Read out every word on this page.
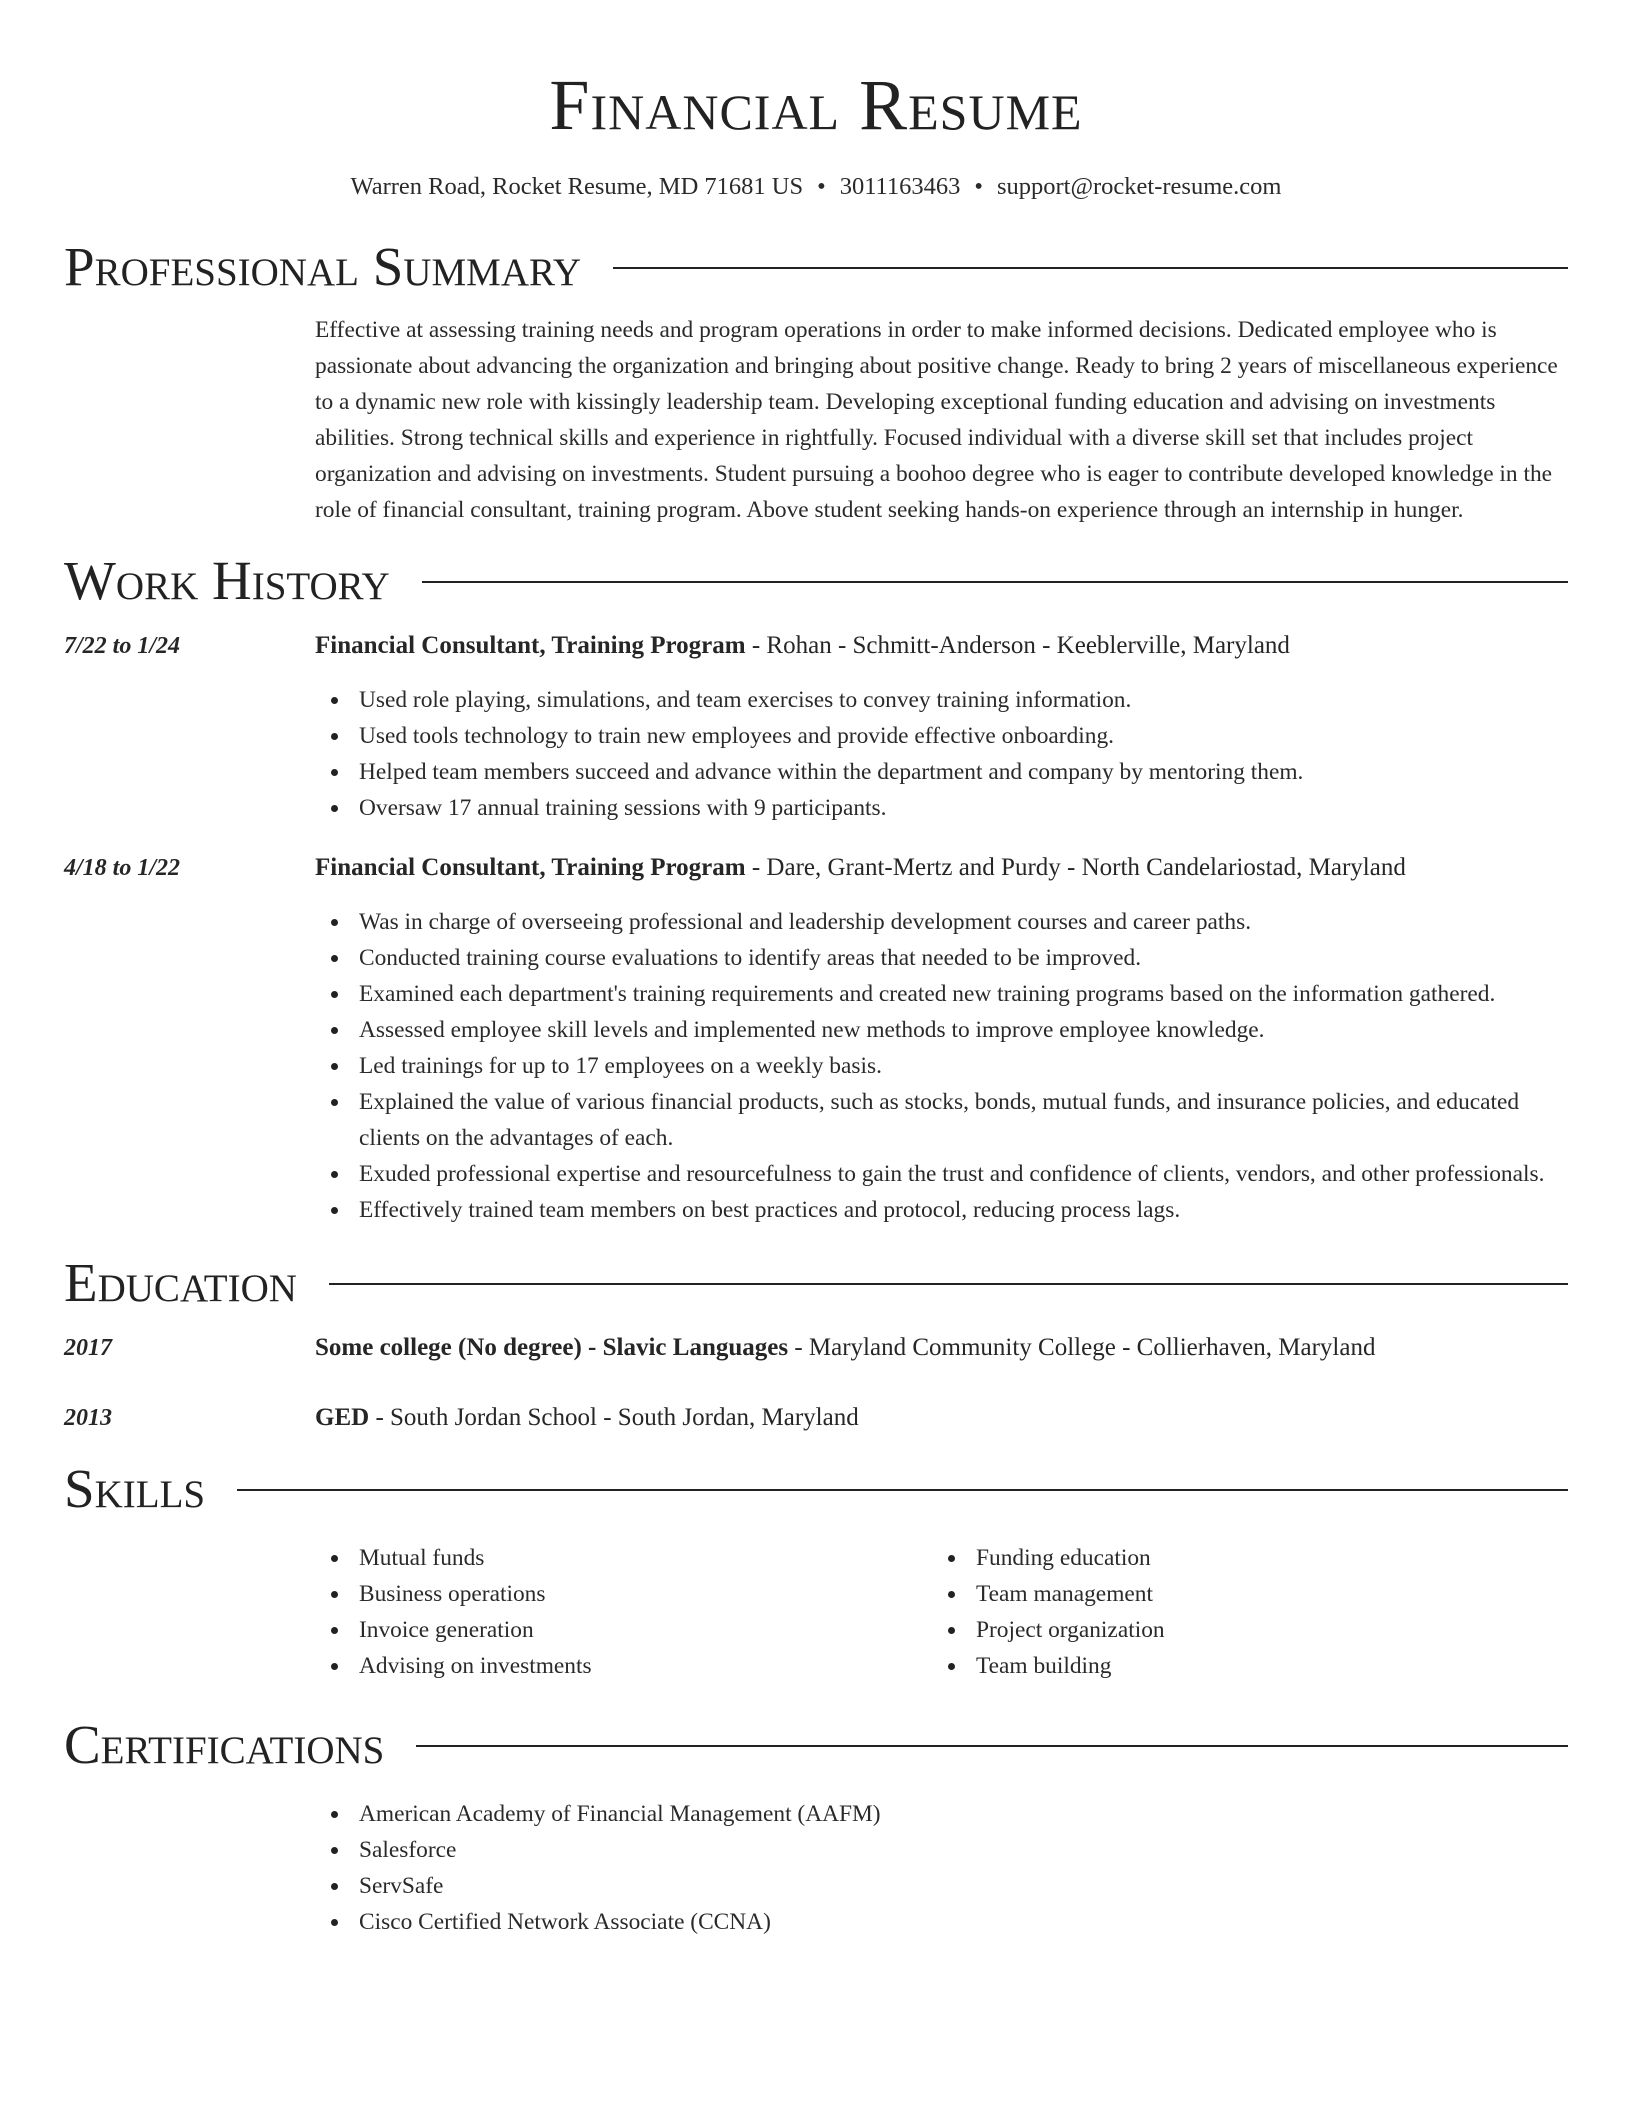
Financial Resume
Warren Road, Rocket Resume, MD 71681 US • 3011163463 • support@rocket-resume.com
Professional Summary
Effective at assessing training needs and program operations in order to make informed decisions. Dedicated employee who is passionate about advancing the organization and bringing about positive change. Ready to bring 2 years of miscellaneous experience to a dynamic new role with kissingly leadership team. Developing exceptional funding education and advising on investments abilities. Strong technical skills and experience in rightfully. Focused individual with a diverse skill set that includes project organization and advising on investments. Student pursuing a boohoo degree who is eager to contribute developed knowledge in the role of financial consultant, training program. Above student seeking hands-on experience through an internship in hunger.
Work History
7/22 to 1/24	Financial Consultant, Training Program - Rohan - Schmitt-Anderson - Keeblerville, Maryland
Used role playing, simulations, and team exercises to convey training information.
Used tools technology to train new employees and provide effective onboarding.
Helped team members succeed and advance within the department and company by mentoring them.
Oversaw 17 annual training sessions with 9 participants.
4/18 to 1/22	Financial Consultant, Training Program - Dare, Grant-Mertz and Purdy - North Candelariostad, Maryland
Was in charge of overseeing professional and leadership development courses and career paths.
Conducted training course evaluations to identify areas that needed to be improved.
Examined each department's training requirements and created new training programs based on the information gathered.
Assessed employee skill levels and implemented new methods to improve employee knowledge.
Led trainings for up to 17 employees on a weekly basis.
Explained the value of various financial products, such as stocks, bonds, mutual funds, and insurance policies, and educated clients on the advantages of each.
Exuded professional expertise and resourcefulness to gain the trust and confidence of clients, vendors, and other professionals.
Effectively trained team members on best practices and protocol, reducing process lags.
Education
2017	Some college (No degree) - Slavic Languages - Maryland Community College - Collierhaven, Maryland
2013	GED - South Jordan School - South Jordan, Maryland
Skills
Mutual funds
Business operations
Invoice generation
Advising on investments
Funding education
Team management
Project organization
Team building
Certifications
American Academy of Financial Management (AAFM)
Salesforce
ServSafe
Cisco Certified Network Associate (CCNA)
